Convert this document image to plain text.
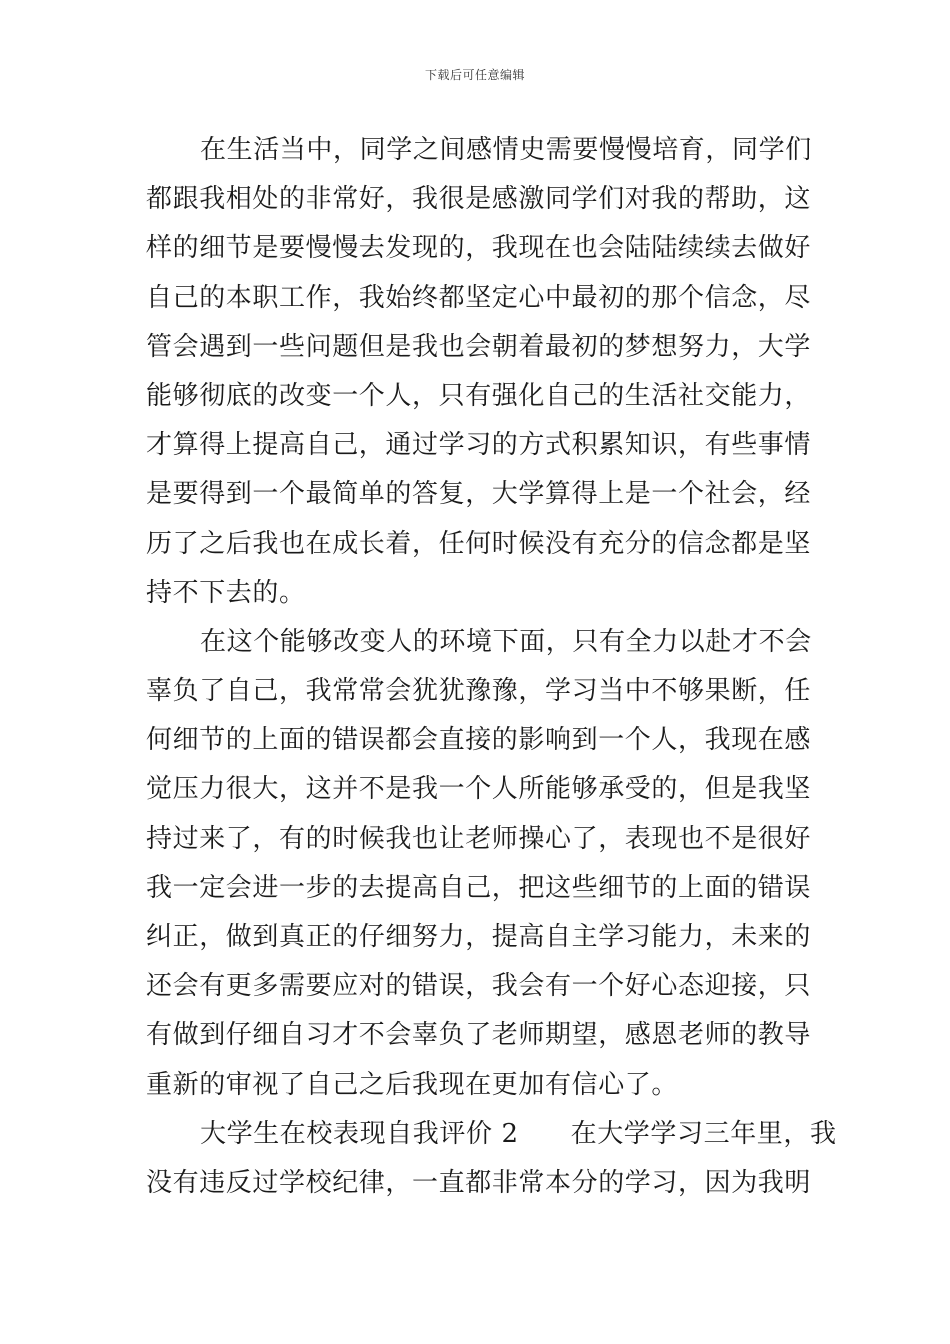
下载后可任意编辑
在生活当中，同学之间感情史需要慢慢培育，同学们
都跟我相处的非常好，我很是感激同学们对我的帮助，这
样的细节是要慢慢去发现的，我现在也会陆陆续续去做好
自己的本职工作，我始终都坚定心中最初的那个信念，尽
管会遇到一些问题但是我也会朝着最初的梦想努力，大学
能够彻底的改变一个人，只有强化自己的生活社交能力，
才算得上提高自己，通过学习的方式积累知识，有些事情
是要得到一个最简单的答复，大学算得上是一个社会，经
历了之后我也在成长着，任何时候没有充分的信念都是坚
持不下去的。
在这个能够改变人的环境下面，只有全力以赴才不会
辜负了自己，我常常会犹犹豫豫，学习当中不够果断，任
何细节的上面的错误都会直接的影响到一个人，我现在感
觉压力很大，这并不是我一个人所能够承受的，但是我坚
持过来了，有的时候我也让老师操心了，表现也不是很好
我一定会进一步的去提高自己，把这些细节的上面的错误
纠正，做到真正的仔细努力，提高自主学习能力，未来的
还会有更多需要应对的错误，我会有一个好心态迎接，只
有做到仔细自习才不会辜负了老师期望，感恩老师的教导
重新的审视了自己之后我现在更加有信心了。
大学生在校表现自我评价 2 在大学学习三年里，我
没有违反过学校纪律，一直都非常本分的学习，因为我明
